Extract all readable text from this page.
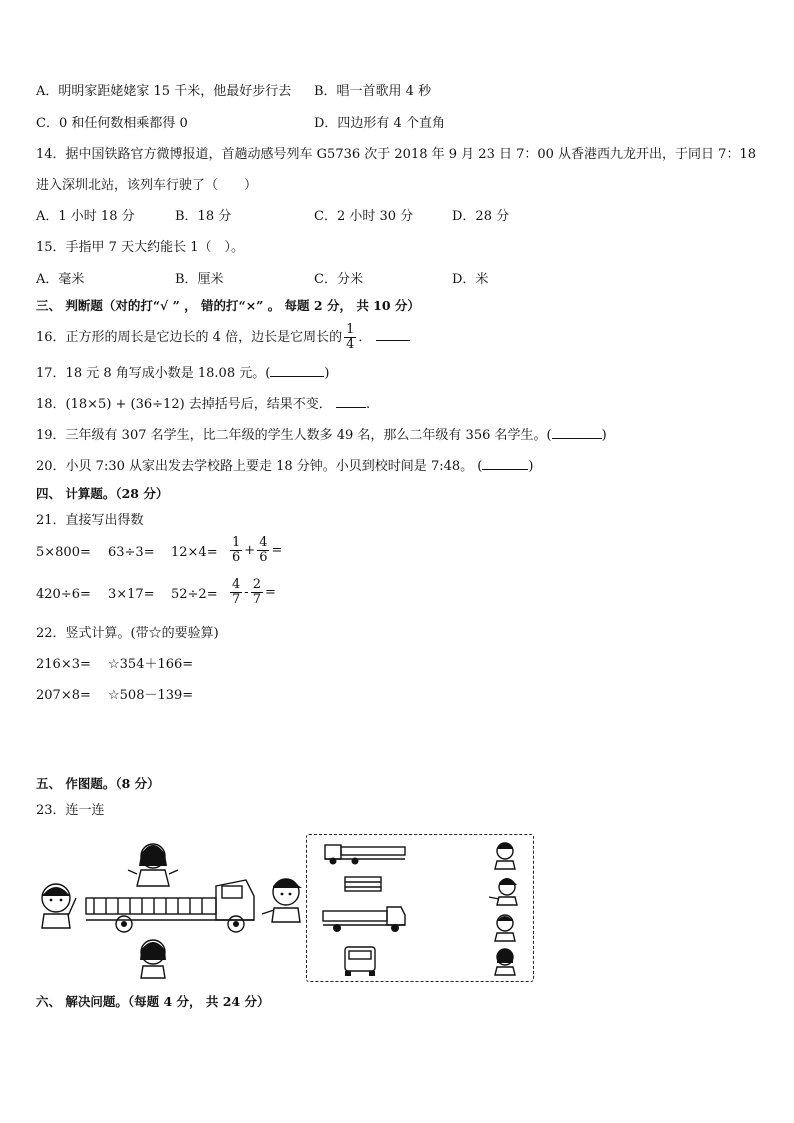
A．明明家距姥姥家 15 千米，他最好步行去 B．唱一首歌用 4 秒
C．0 和任何数相乘都得 0	D．四边形有 4 个直角
14．据中国铁路官方微博报道，首趟动感号列车 G5736 次于 2018 年 9 月 23 日 7：00 从香港西九龙开出，于同日 7：18
进入深圳北站，该列车行驶了（　　）
A．1 小时 18 分	B．18 分	C．2 小时 30 分	D．28 分
15．手指甲 7 天大约能长 1（　）。
A．毫米	B．厘米	C．分米	D．米
三、 判断题（对的打“√ ” ， 错的打“×” 。 每题 2 分， 共 10 分）
16．正方形的周长是它边长的 4 倍，边长是它周长的 $\frac{1}{4}$ ．
17．18 元 8 角写成小数是 18.08 元。(	)
18．(18×5) + (36÷12) 去掉括号后，结果不变．	.
19．三年级有 307 名学生，比二年级的学生人数多 49 名，那么二年级有 356 名学生。(	)
20．小贝 7:30 从家出发去学校路上要走 18 分钟。小贝到校时间是 7:48。 (	)
四、 计算题。（28 分）
21．直接写出得数
$5\times 800= 63\div 3= 12\times 4= \frac{1}{6} + \frac{4}{6}$ =
$420\div 6= 3\times 17= 52\div 2= \frac{4}{7} - \frac{2}{7}$ =
22．竖式计算。(带☆的要验算)
216×3= ☆354＋166=
207×8= ☆508－139=
五、 作图题。（8 分）
23．连一连
六、 解决问题。（每题 4 分， 共 24 分）
